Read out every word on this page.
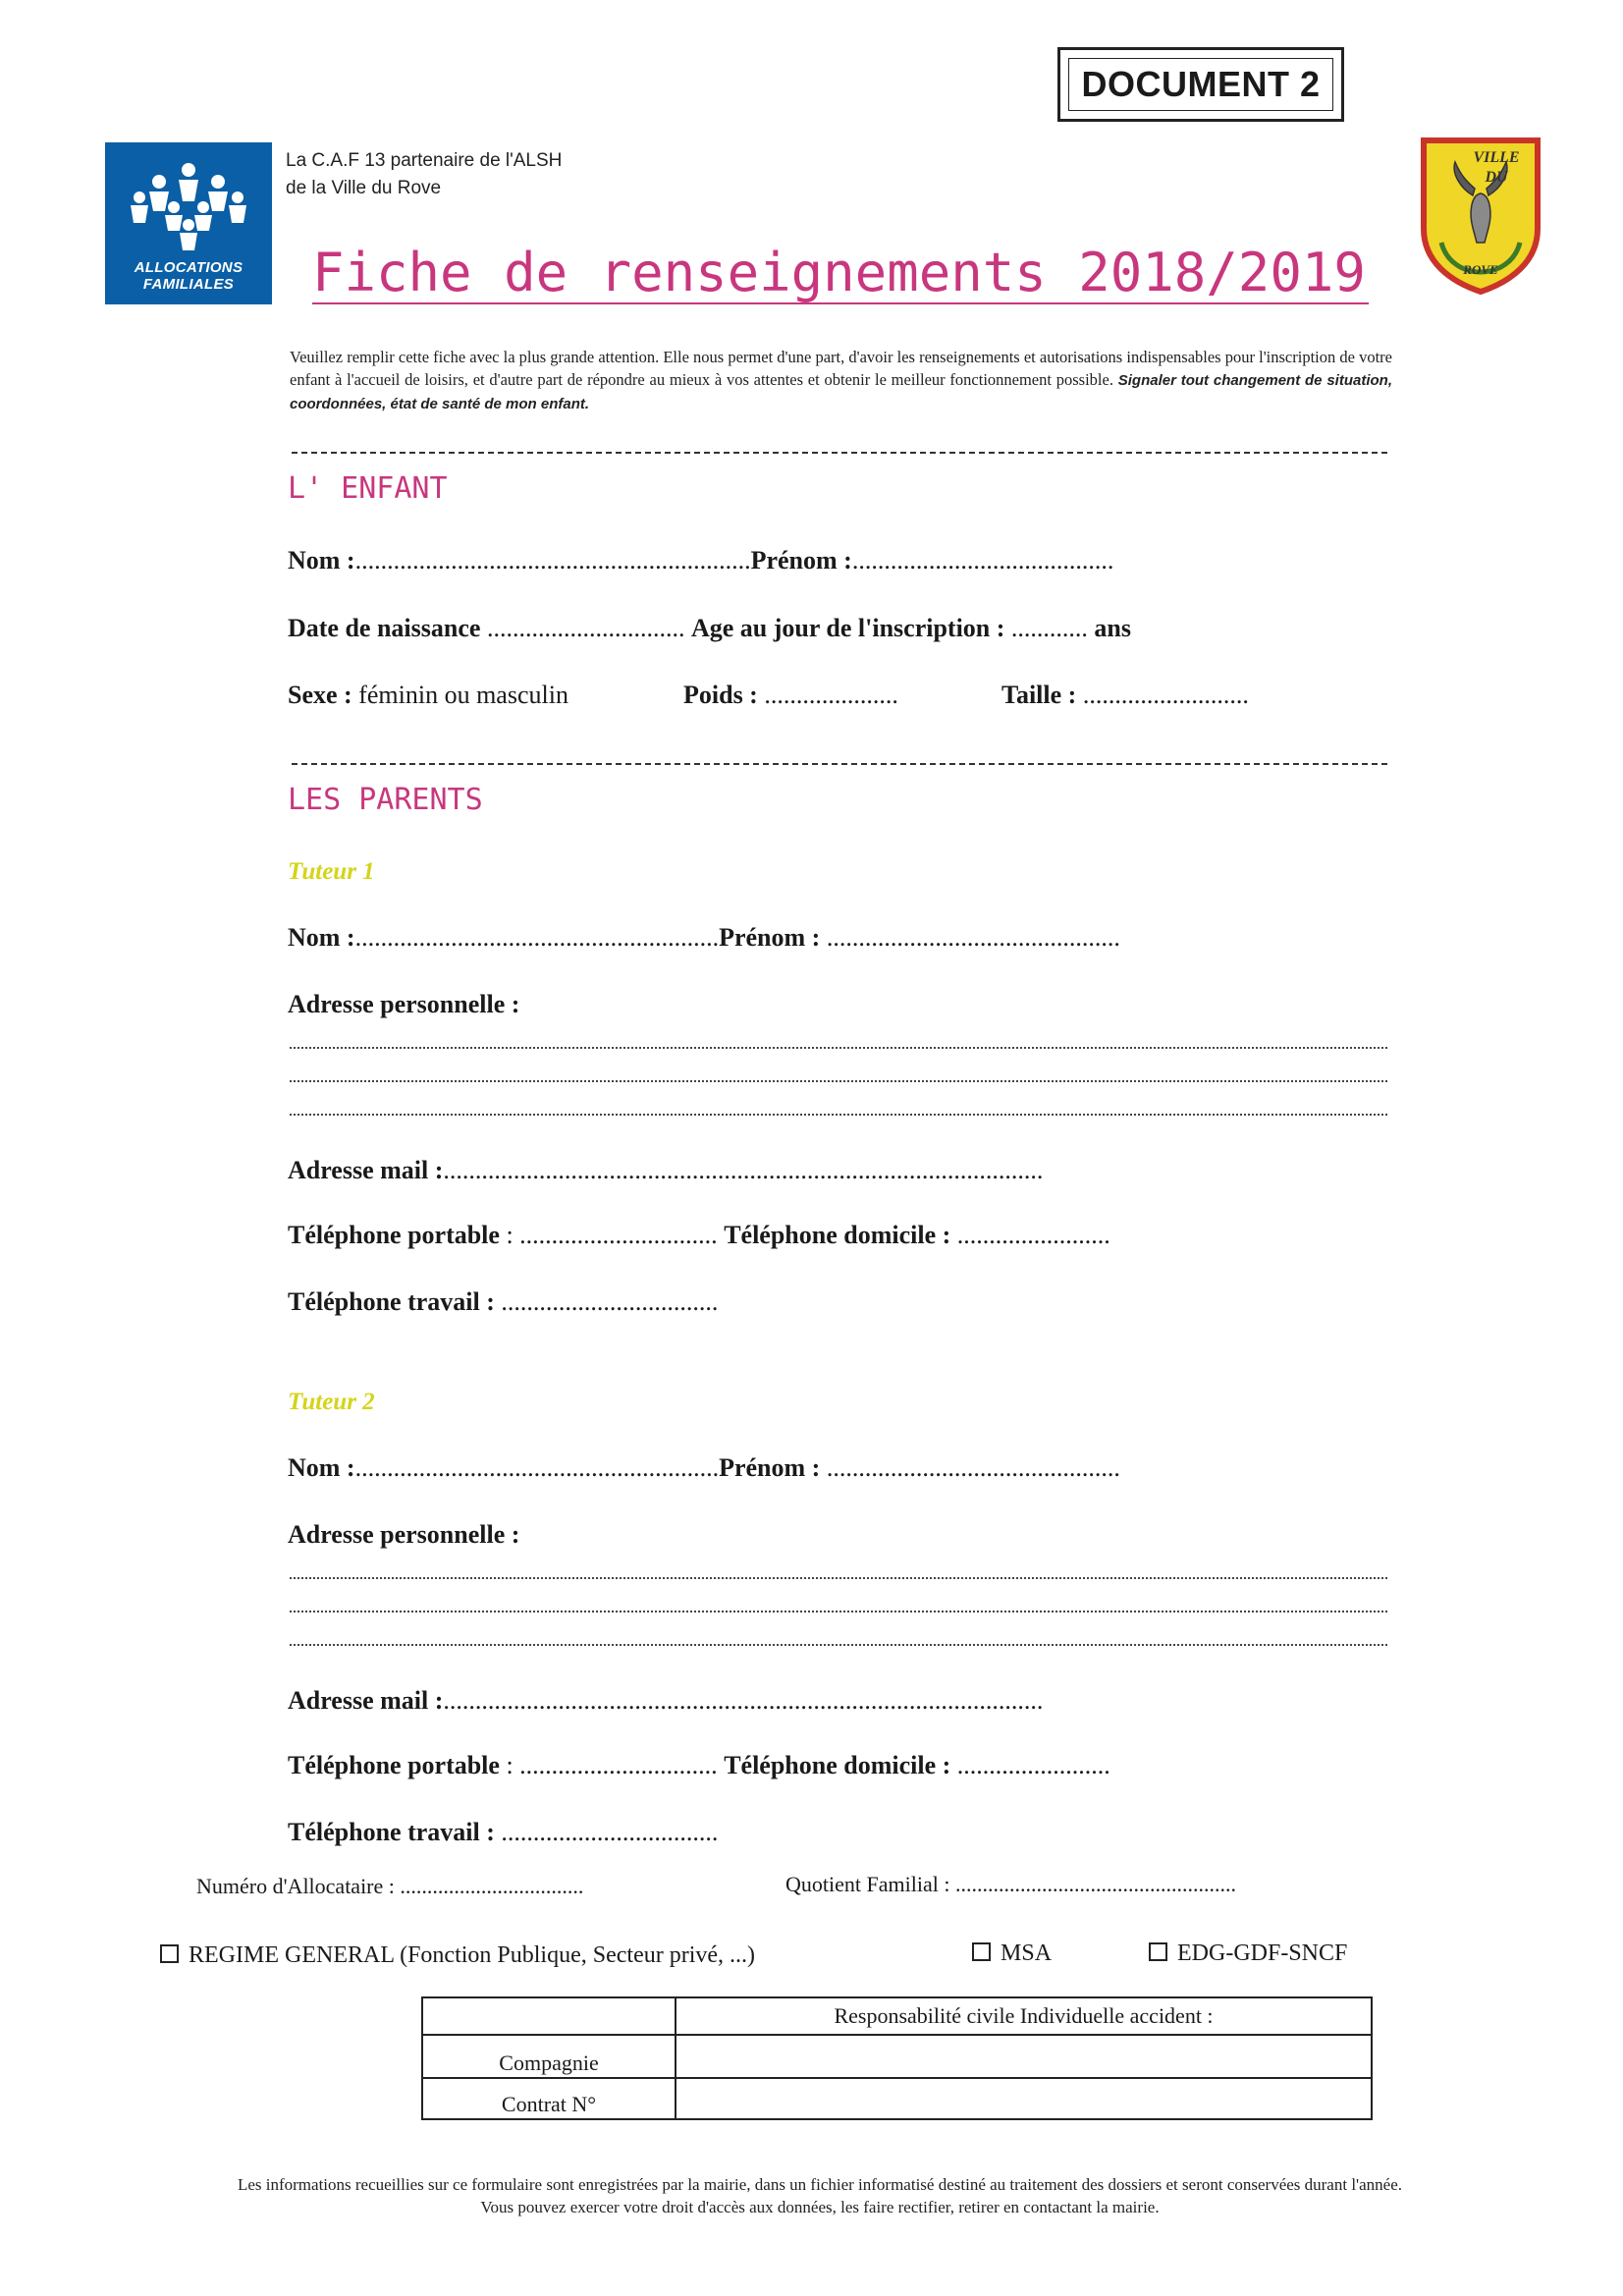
DOCUMENT 2
ALLOCATIONS
FAMILIALES
La C.A.F 13 partenaire de l'ALSH
de la Ville du Rove
VILLE
DU
ROVE
Fiche de renseignements 2018/2019
Veuillez remplir cette fiche avec la plus grande attention. Elle nous permet d'une part, d'avoir les renseignements et autorisations indispensables pour l'inscription de votre enfant à l'accueil de loisirs, et d'autre part de répondre au mieux à vos attentes et obtenir le meilleur fonctionnement possible. Signaler tout changement de situation, coordonnées, état de santé de mon enfant.
L' ENFANT
Nom :..............................................................Prénom :.........................................
Date de naissance ............................... Age au jour de l'inscription : ............ ans
Sexe : féminin ou masculin	Poids : .....................	Taille : ..........................
LES PARENTS
Tuteur 1
Nom :.........................................................Prénom : ..............................................
Adresse personnelle :
Adresse mail :..............................................................................................
Téléphone portable : ............................... Téléphone domicile : ........................
Téléphone travail : ..................................
Tuteur 2
Nom :.........................................................Prénom : ..............................................
Adresse personnelle :
Adresse mail :..............................................................................................
Téléphone portable : ............................... Téléphone domicile : ........................
Téléphone travail : ..................................
Numéro d'Allocataire : ..................................	Quotient Familial : ....................................................
REGIME GENERAL (Fonction Publique, Secteur privé, ...)	MSA	EDG-GDF-SNCF
	Responsabilité civile Individuelle accident :
Compagnie	
Contrat N°	
Les informations recueillies sur ce formulaire sont enregistrées par la mairie, dans un fichier informatisé destiné au traitement des dossiers et seront conservées durant l'année.
Vous pouvez exercer votre droit d'accès aux données, les faire rectifier, retirer en contactant la mairie.
